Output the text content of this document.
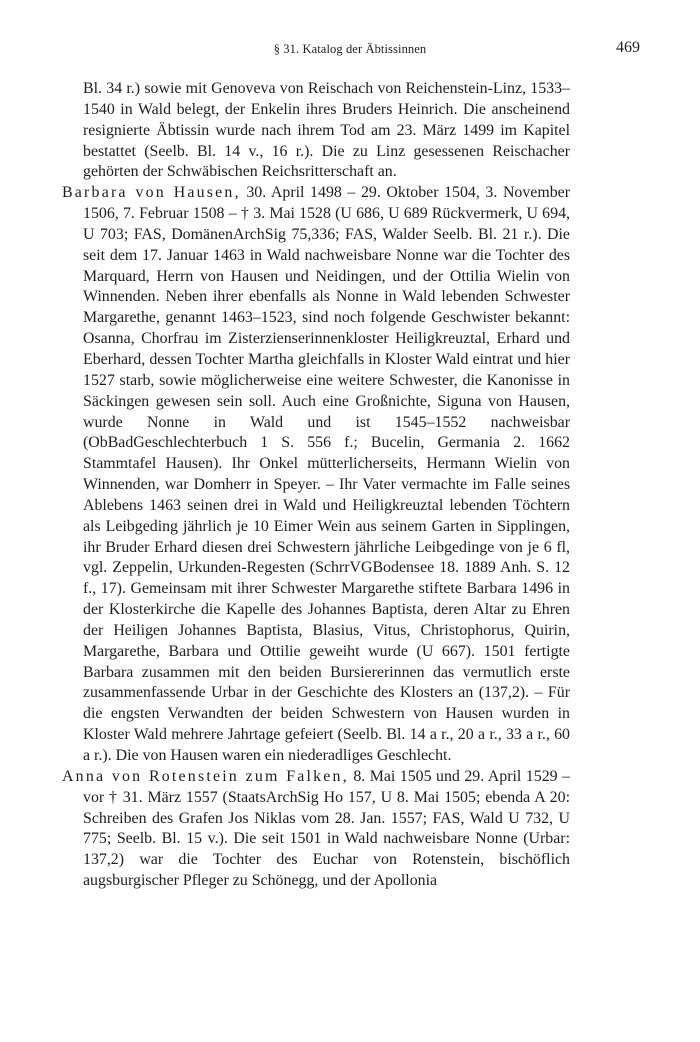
§ 31. Katalog der Äbtissinnen	469

Bl. 34 r.) sowie mit Genoveva von Reischach von Reichenstein-Linz, 1533–1540 in Wald belegt, der Enkelin ihres Bruders Heinrich. Die anscheinend resignierte Äbtissin wurde nach ihrem Tod am 23. März 1499 im Kapitel bestattet (Seelb. Bl. 14 v., 16 r.). Die zu Linz gesessenen Reischacher gehörten der Schwäbischen Reichsritterschaft an.

Barbara von Hausen, 30. April 1498 – 29. Oktober 1504, 3. November 1506, 7. Februar 1508 – † 3. Mai 1528 (U 686, U 689 Rückvermerk, U 694, U 703; FAS, DomänenArchSig 75,336; FAS, Walder Seelb. Bl. 21 r.). Die seit dem 17. Januar 1463 in Wald nachweisbare Nonne war die Tochter des Marquard, Herrn von Hausen und Neidingen, und der Ottilia Wielin von Winnenden. Neben ihrer ebenfalls als Nonne in Wald lebenden Schwester Margarethe, genannt 1463–1523, sind noch folgende Geschwister bekannt: Osanna, Chorfrau im Zisterzienserinnenkloster Heiligkreuztal, Erhard und Eberhard, dessen Tochter Martha gleichfalls in Kloster Wald eintrat und hier 1527 starb, sowie möglicherweise eine weitere Schwester, die Kanonisse in Säckingen gewesen sein soll. Auch eine Großnichte, Siguna von Hausen, wurde Nonne in Wald und ist 1545–1552 nachweisbar (ObBadGeschlechterbuch 1 S. 556 f.; Bucelin, Germania 2. 1662 Stammtafel Hausen). Ihr Onkel mütterlicherseits, Hermann Wielin von Winnenden, war Domherr in Speyer. – Ihr Vater vermachte im Falle seines Ablebens 1463 seinen drei in Wald und Heiligkreuztal lebenden Töchtern als Leibgeding jährlich je 10 Eimer Wein aus seinem Garten in Sipplingen, ihr Bruder Erhard diesen drei Schwestern jährliche Leibgedinge von je 6 fl, vgl. Zeppelin, Urkunden-Regesten (SchrrVGBodensee 18. 1889 Anh. S. 12 f., 17). Gemeinsam mit ihrer Schwester Margarethe stiftete Barbara 1496 in der Klosterkirche die Kapelle des Johannes Baptista, deren Altar zu Ehren der Heiligen Johannes Baptista, Blasius, Vitus, Christophorus, Quirin, Margarethe, Barbara und Ottilie geweiht wurde (U 667). 1501 fertigte Barbara zusammen mit den beiden Bursiererinnen das vermutlich erste zusammenfassende Urbar in der Geschichte des Klosters an (137,2). – Für die engsten Verwandten der beiden Schwestern von Hausen wurden in Kloster Wald mehrere Jahrtage gefeiert (Seelb. Bl. 14 a r., 20 a r., 33 a r., 60 a r.). Die von Hausen waren ein niederadliges Geschlecht.

Anna von Rotenstein zum Falken, 8. Mai 1505 und 29. April 1529 – vor † 31. März 1557 (StaatsArchSig Ho 157, U 8. Mai 1505; ebenda A 20: Schreiben des Grafen Jos Niklas vom 28. Jan. 1557; FAS, Wald U 732, U 775; Seelb. Bl. 15 v.). Die seit 1501 in Wald nachweisbare Nonne (Urbar: 137,2) war die Tochter des Euchar von Rotenstein, bischöflich augsburgischer Pfleger zu Schönegg, und der Apollonia
